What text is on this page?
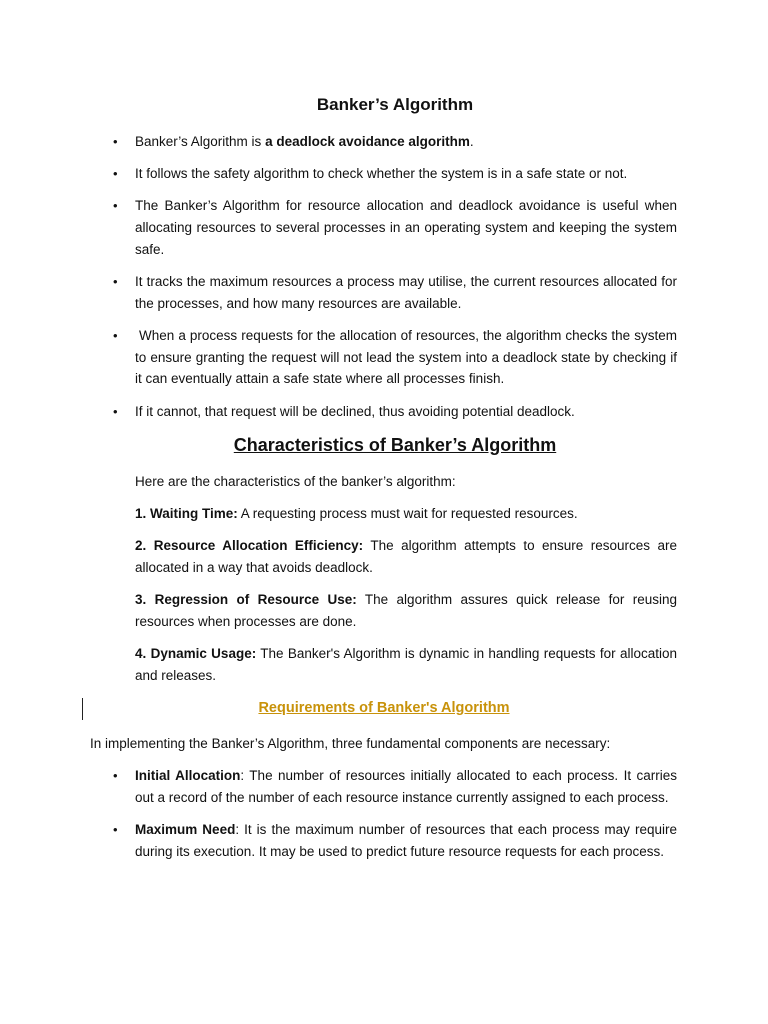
Banker’s Algorithm
• Banker’s Algorithm is a deadlock avoidance algorithm.
• It follows the safety algorithm to check whether the system is in a safe state or not.
• The Banker’s Algorithm for resource allocation and deadlock avoidance is useful when allocating resources to several processes in an operating system and keeping the system safe.
• It tracks the maximum resources a process may utilise, the current resources allocated for the processes, and how many resources are available.
•  When a process requests for the allocation of resources, the algorithm checks the system to ensure granting the request will not lead the system into a deadlock state by checking if it can eventually attain a safe state where all processes finish.
• If it cannot, that request will be declined, thus avoiding potential deadlock.
Characteristics of Banker’s Algorithm

Here are the characteristics of the banker’s algorithm:

1. Waiting Time: A requesting process must wait for requested resources.

2. Resource Allocation Efficiency: The algorithm attempts to ensure resources are allocated in a way that avoids deadlock.

3. Regression of Resource Use: The algorithm assures quick release for reusing resources when processes are done.

4. Dynamic Usage: The Banker's Algorithm is dynamic in handling requests for allocation and releases.

Requirements of Banker's Algorithm

In implementing the Banker’s Algorithm, three fundamental components are necessary:

• Initial Allocation: The number of resources initially allocated to each process. It carries out a record of the number of each resource instance currently assigned to each process.
• Maximum Need: It is the maximum number of resources that each process may require during its execution. It may be used to predict future resource requests for each process.
